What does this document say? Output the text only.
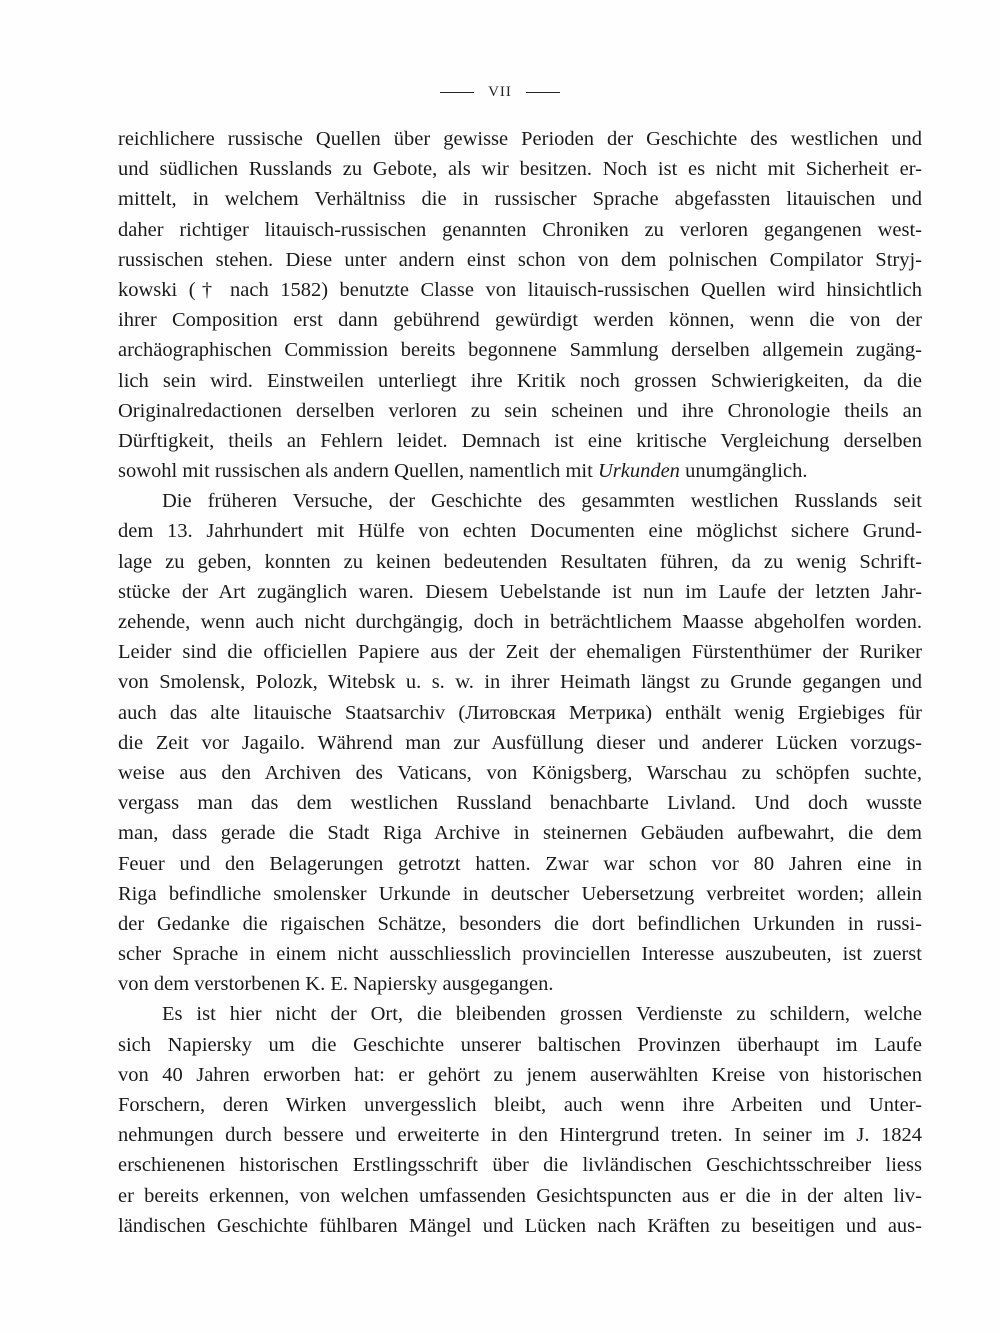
VII
reichlichere russische Quellen über gewisse Perioden der Geschichte des westlichen und
und südlichen Russlands zu Gebote, als wir besitzen. Noch ist es nicht mit Sicherheit er-
mittelt, in welchem Verhältniss die in russischer Sprache abgefassten litauischen und
daher richtiger litauisch-russischen genannten Chroniken zu verloren gegangenen west-
russischen stehen. Diese unter andern einst schon von dem polnischen Compilator Stryj-
kowski († nach 1582) benutzte Classe von litauisch-russischen Quellen wird hinsichtlich
ihrer Composition erst dann gebührend gewürdigt werden können, wenn die von der
archäographischen Commission bereits begonnene Sammlung derselben allgemein zugäng-
lich sein wird. Einstweilen unterliegt ihre Kritik noch grossen Schwierigkeiten, da die
Originalredactionen derselben verloren zu sein scheinen und ihre Chronologie theils an
Dürftigkeit, theils an Fehlern leidet. Demnach ist eine kritische Vergleichung derselben
sowohl mit russischen als andern Quellen, namentlich mit Urkunden unumgänglich.
Die früheren Versuche, der Geschichte des gesammten westlichen Russlands seit
dem 13. Jahrhundert mit Hülfe von echten Documenten eine möglichst sichere Grund-
lage zu geben, konnten zu keinen bedeutenden Resultaten führen, da zu wenig Schrift-
stücke der Art zugänglich waren. Diesem Uebelstande ist nun im Laufe der letzten Jahr-
zehende, wenn auch nicht durchgängig, doch in beträchtlichem Maasse abgeholfen worden.
Leider sind die officiellen Papiere aus der Zeit der ehemaligen Fürstenthümer der Ruriker
von Smolensk, Polozk, Witebsk u. s. w. in ihrer Heimath längst zu Grunde gegangen und
auch das alte litauische Staatsarchiv (Литовская Метрика) enthält wenig Ergiebiges für
die Zeit vor Jagailo. Während man zur Ausfüllung dieser und anderer Lücken vorzugs-
weise aus den Archiven des Vaticans, von Königsberg, Warschau zu schöpfen suchte,
vergass man das dem westlichen Russland benachbarte Livland. Und doch wusste
man, dass gerade die Stadt Riga Archive in steinernen Gebäuden aufbewahrt, die dem
Feuer und den Belagerungen getrotzt hatten. Zwar war schon vor 80 Jahren eine in
Riga befindliche smolensker Urkunde in deutscher Uebersetzung verbreitet worden; allein
der Gedanke die rigaischen Schätze, besonders die dort befindlichen Urkunden in russi-
scher Sprache in einem nicht ausschliesslich provinciellen Interesse auszubeuten, ist zuerst
von dem verstorbenen K. E. Napiersky ausgegangen.
Es ist hier nicht der Ort, die bleibenden grossen Verdienste zu schildern, welche
sich Napiersky um die Geschichte unserer baltischen Provinzen überhaupt im Laufe
von 40 Jahren erworben hat: er gehört zu jenem auserwählten Kreise von historischen
Forschern, deren Wirken unvergesslich bleibt, auch wenn ihre Arbeiten und Unter-
nehmungen durch bessere und erweiterte in den Hintergrund treten. In seiner im J. 1824
erschienenen historischen Erstlingsschrift über die livländischen Geschichtsschreiber liess
er bereits erkennen, von welchen umfassenden Gesichtspuncten aus er die in der alten liv-
ländischen Geschichte fühlbaren Mängel und Lücken nach Kräften zu beseitigen und aus-
